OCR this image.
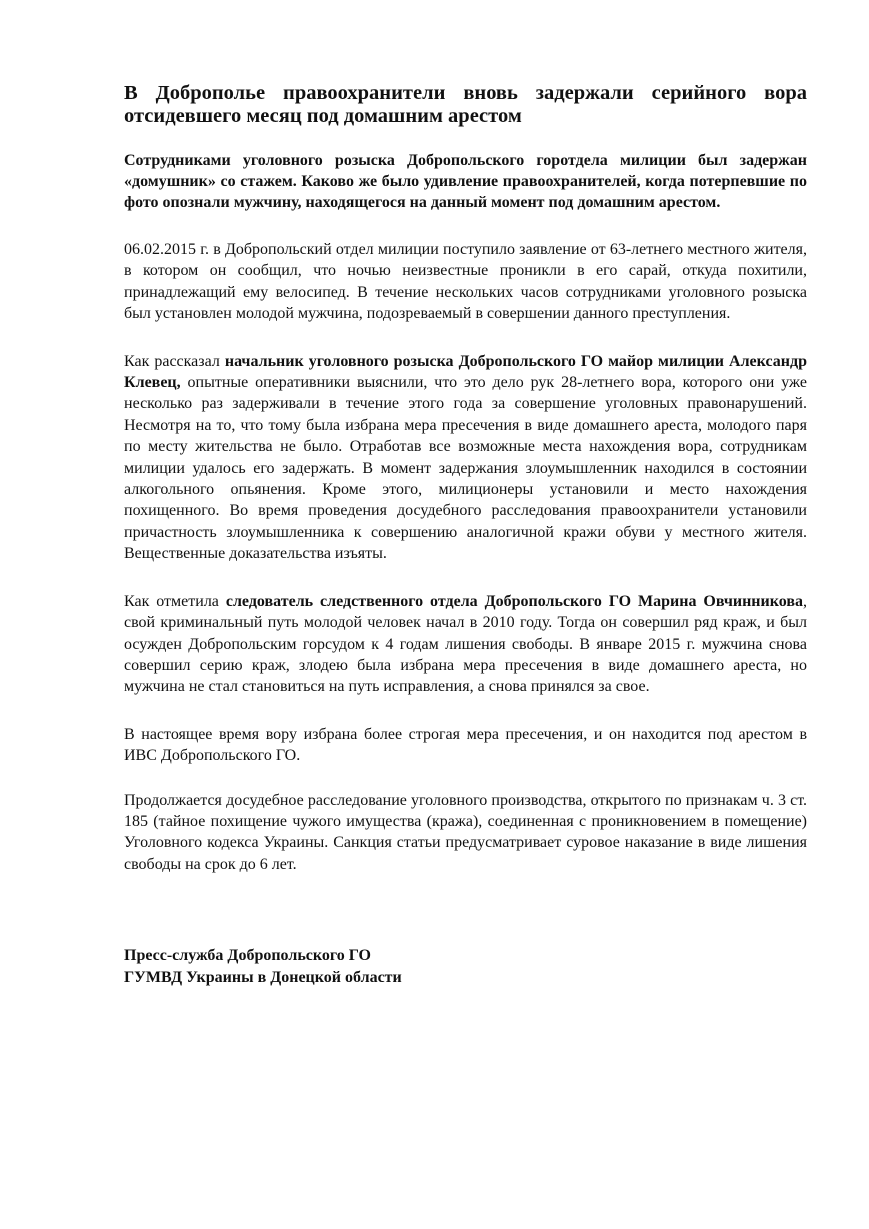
В Доброполье правоохранители вновь задержали серийного вора отсидевшего месяц под домашним арестом

Сотрудниками уголовного розыска Добропольского горотдела милиции был задержан «домушник» со стажем. Каково же было удивление правоохранителей, когда потерпевшие по фото опознали мужчину, находящегося на данный момент под домашним арестом.

06.02.2015 г. в Добропольский отдел милиции поступило заявление от 63-летнего местного жителя, в котором он сообщил, что ночью неизвестные проникли в его сарай, откуда похитили, принадлежащий ему велосипед. В течение нескольких часов сотрудниками уголовного розыска был установлен молодой мужчина, подозреваемый в совершении данного преступления.

Как рассказал начальник уголовного розыска Добропольского ГО майор милиции Александр Клевец, опытные оперативники выяснили, что это дело рук 28-летнего вора, которого они уже несколько раз задерживали в течение этого года за совершение уголовных правонарушений. Несмотря на то, что тому была избрана мера пресечения в виде домашнего ареста, молодого паря по месту жительства не было. Отработав все возможные места нахождения вора, сотрудникам милиции удалось его задержать. В момент задержания злоумышленник находился в состоянии алкогольного опьянения. Кроме этого, милиционеры установили и место нахождения похищенного. Во время проведения досудебного расследования правоохранители установили причастность злоумышленника к совершению аналогичной кражи обуви у местного жителя. Вещественные доказательства изъяты.

Как отметила следователь следственного отдела Добропольского ГО Марина Овчинникова, свой криминальный путь молодой человек начал в 2010 году. Тогда он совершил ряд краж, и был осужден Добропольским горсудом к 4 годам лишения свободы. В январе 2015 г. мужчина снова совершил серию краж, злодею была избрана мера пресечения в виде домашнего ареста, но мужчина не стал становиться на путь исправления, а снова принялся за свое.

В настоящее время вору избрана более строгая мера пресечения, и он находится под арестом в ИВС Добропольского ГО.

Продолжается досудебное расследование уголовного производства, открытого по признакам ч. 3 ст. 185 (тайное похищение чужого имущества (кража), соединенная с проникновением в помещение) Уголовного кодекса Украины. Санкция статьи предусматривает суровое наказание в виде лишения свободы на срок до 6 лет.

Пресс-служба Добропольского ГО
ГУМВД Украины в Донецкой области
